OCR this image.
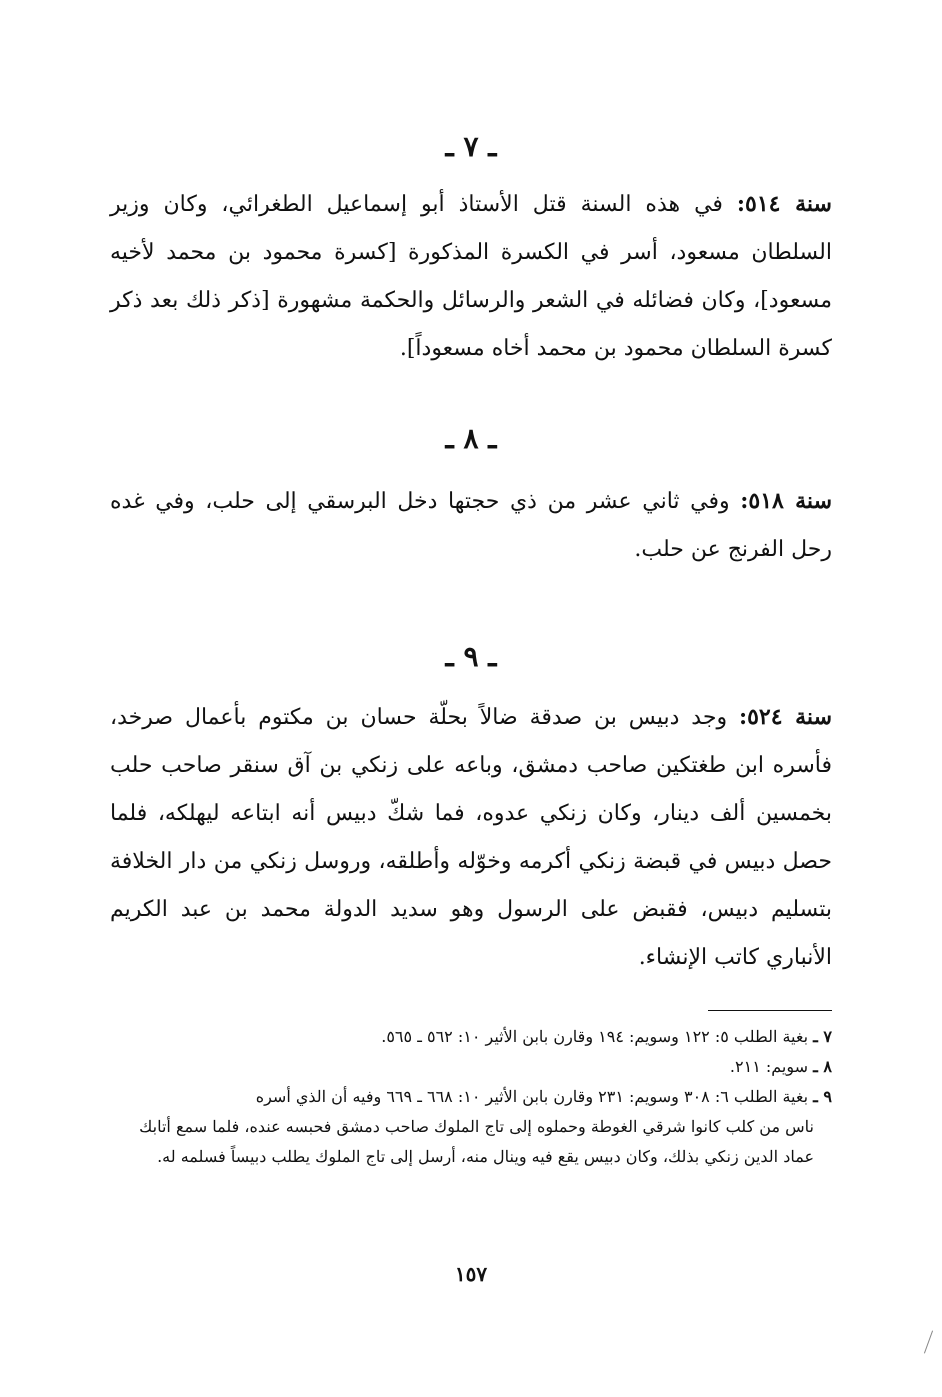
ـ ٧ ـ
سنة ٥١٤: في هذه السنة قتل الأستاذ أبو إسماعيل الطغرائي، وكان وزير السلطان مسعود، أسر في الكسرة المذكورة [كسرة محمود بن محمد لأخيه مسعود]، وكان فضائله في الشعر والرسائل والحكمة مشهورة [ذكر ذلك بعد ذكر كسرة السلطان محمود بن محمد أخاه مسعوداً].
ـ ٨ ـ
سنة ٥١٨: وفي ثاني عشر من ذي حجتها دخل البرسقي إلى حلب، وفي غده رحل الفرنج عن حلب.
ـ ٩ ـ
سنة ٥٢٤: وجد دبيس بن صدقة ضالاً بحلّة حسان بن مكتوم بأعمال صرخد، فأسره ابن طغتكين صاحب دمشق، وباعه على زنكي بن آق سنقر صاحب حلب بخمسين ألف دينار، وكان زنكي عدوه، فما شكّ دبيس أنه ابتاعه ليهلكه، فلما حصل دبيس في قبضة زنكي أكرمه وخوّله وأطلقه، وروسل زنكي من دار الخلافة بتسليم دبيس، فقبض على الرسول وهو سديد الدولة محمد بن عبد الكريم الأنباري كاتب الإنشاء.

٧ ـ بغية الطلب ٥: ١٢٢ وسويم: ١٩٤ وقارن بابن الأثير ١٠: ٥٦٢ ـ ٥٦٥.

٨ ـ سويم: ٢١١.

٩ ـ بغية الطلب ٦: ٣٠٨ وسويم: ٢٣١ وقارن بابن الأثير ١٠: ٦٦٨ ـ ٦٦٩ وفيه أن الذي أسره

ناس من كلب كانوا شرقي الغوطة وحملوه إلى تاج الملوك صاحب دمشق فحبسه عنده، فلما سمع أتابك عماد الدين زنكي بذلك، وكان دبيس يقع فيه وينال منه، أرسل إلى تاج الملوك يطلب دبيساً فسلمه له.

١٥٧
